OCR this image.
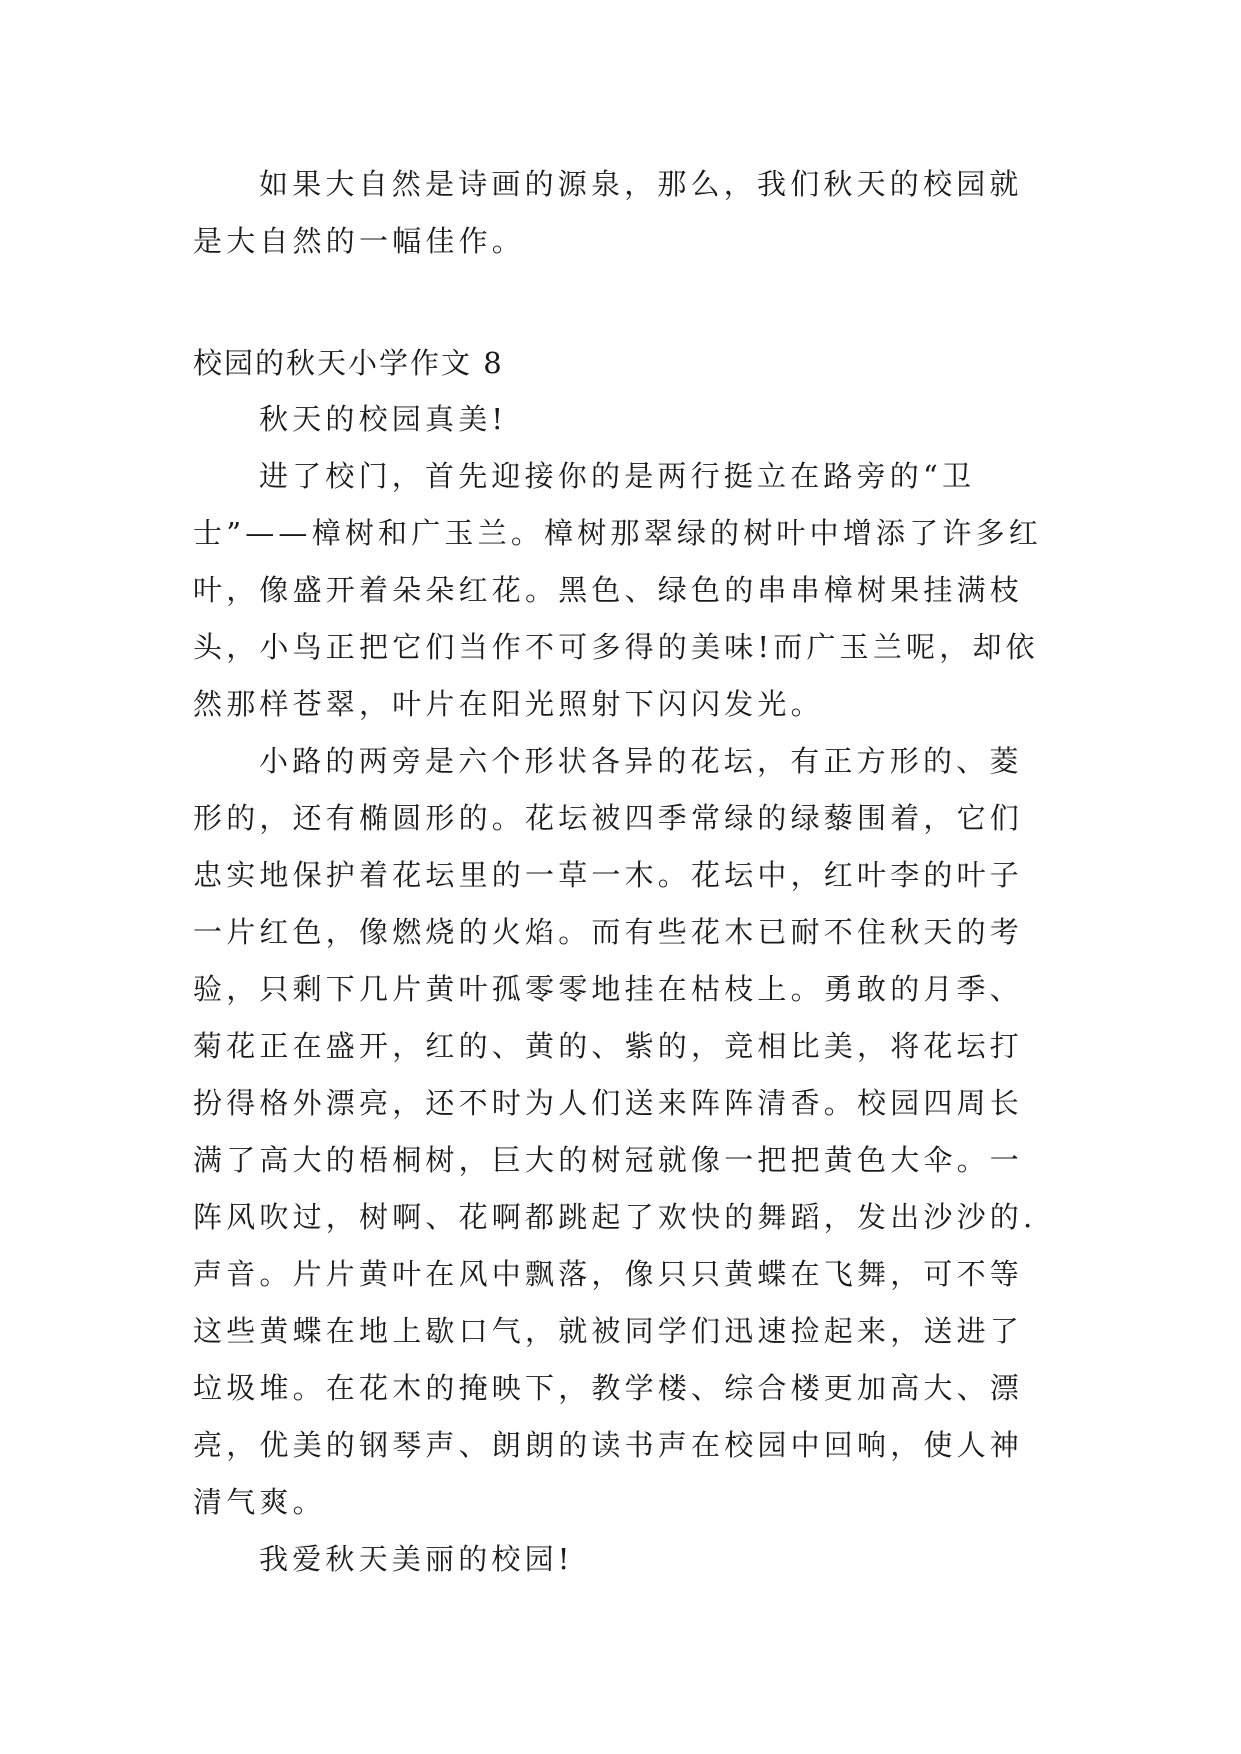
如果大自然是诗画的源泉，那么，我们秋天的校园就是大自然的一幅佳作。

校园的秋天小学作文 8

秋天的校园真美!

进了校门，首先迎接你的是两行挺立在路旁的“卫士”——樟树和广玉兰。樟树那翠绿的树叶中增添了许多红叶，像盛开着朵朵红花。黑色、绿色的串串樟树果挂满枝头，小鸟正把它们当作不可多得的美味!而广玉兰呢，却依然那样苍翠，叶片在阳光照射下闪闪发光。

小路的两旁是六个形状各异的花坛，有正方形的、菱形的，还有椭圆形的。花坛被四季常绿的绿藜围着，它们忠实地保护着花坛里的一草一木。花坛中，红叶李的叶子一片红色，像燃烧的火焰。而有些花木已耐不住秋天的考验，只剩下几片黄叶孤零零地挂在枯枝上。勇敢的月季、菊花正在盛开，红的、黄的、紫的，竞相比美，将花坛打扮得格外漂亮，还不时为人们送来阵阵清香。校园四周长满了高大的梧桐树，巨大的树冠就像一把把黄色大伞。一阵风吹过，树啊、花啊都跳起了欢快的舞蹈，发出沙沙的.声音。片片黄叶在风中飘落，像只只黄蝶在飞舞，可不等这些黄蝶在地上歇口气，就被同学们迅速捡起来，送进了垃圾堆。在花木的掩映下，教学楼、综合楼更加高大、漂亮，优美的钢琴声、朗朗的读书声在校园中回响，使人神清气爽。

我爱秋天美丽的校园!
